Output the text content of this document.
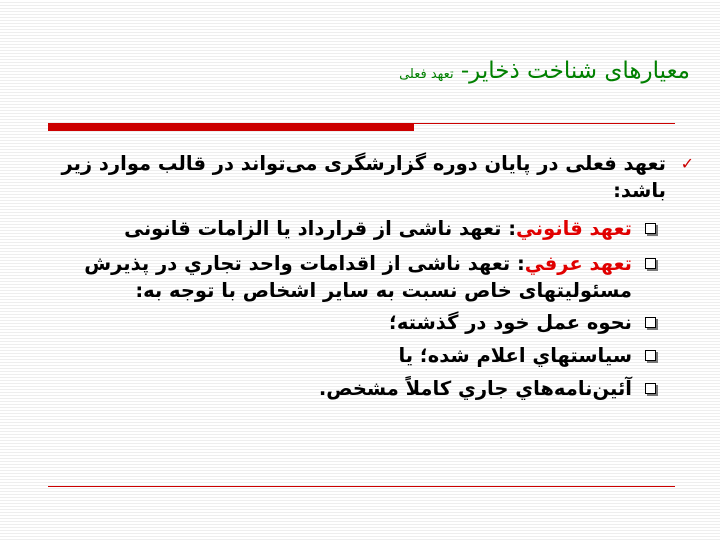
معيارهای شناخت ذخاير- تعهد فعلی
✓
تعهد فعلی در پايان دوره گزارشگری می‌تواند در قالب موارد زير باشد:
تعهد قانوني: تعهد ناشی از قرارداد يا الزامات قانونی
تعهد عرفي: تعهد ناشی از اقدامات واحد تجاري در پذيرش مسئوليتهای خاص نسبت به ساير اشخاص با توجه به:
نحوه عمل خود در گذشته؛
سياستهاي اعلام شده؛ يا
آئين‌نامه‌هاي جاري كاملاً مشخص.
